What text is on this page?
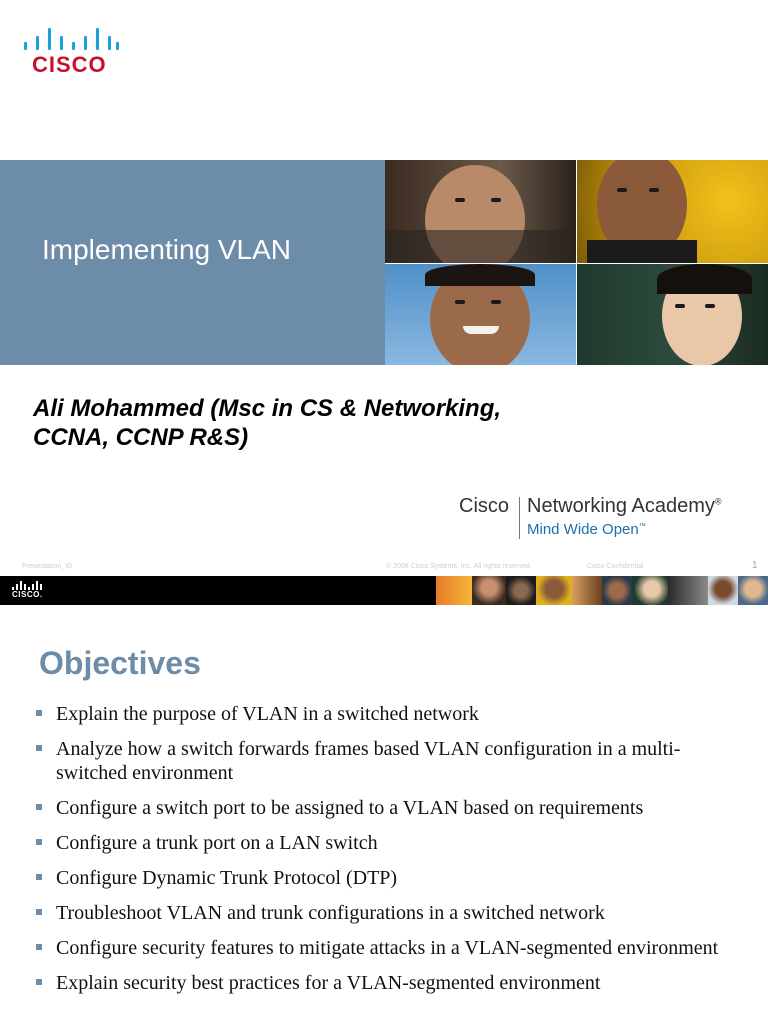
CISCO
Implementing VLAN
Ali Mohammed (Msc in CS & Networking,
CCNA, CCNP R&S)
Cisco Networking Academy®
Mind Wide Open™
Presentation_ID	© 2008 Cisco Systems, Inc. All rights reserved.	Cisco Confidential	1
CISCO.
Objectives
Explain the purpose of VLAN in a switched network
Analyze how a switch forwards frames based VLAN configuration in a multi-switched environment
Configure a switch port to be assigned to a VLAN based on requirements
Configure a trunk port on a LAN switch
Configure Dynamic Trunk Protocol (DTP)
Troubleshoot VLAN and trunk configurations in a switched network
Configure security features to mitigate attacks in a VLAN-segmented environment
Explain security best practices for a VLAN-segmented environment
